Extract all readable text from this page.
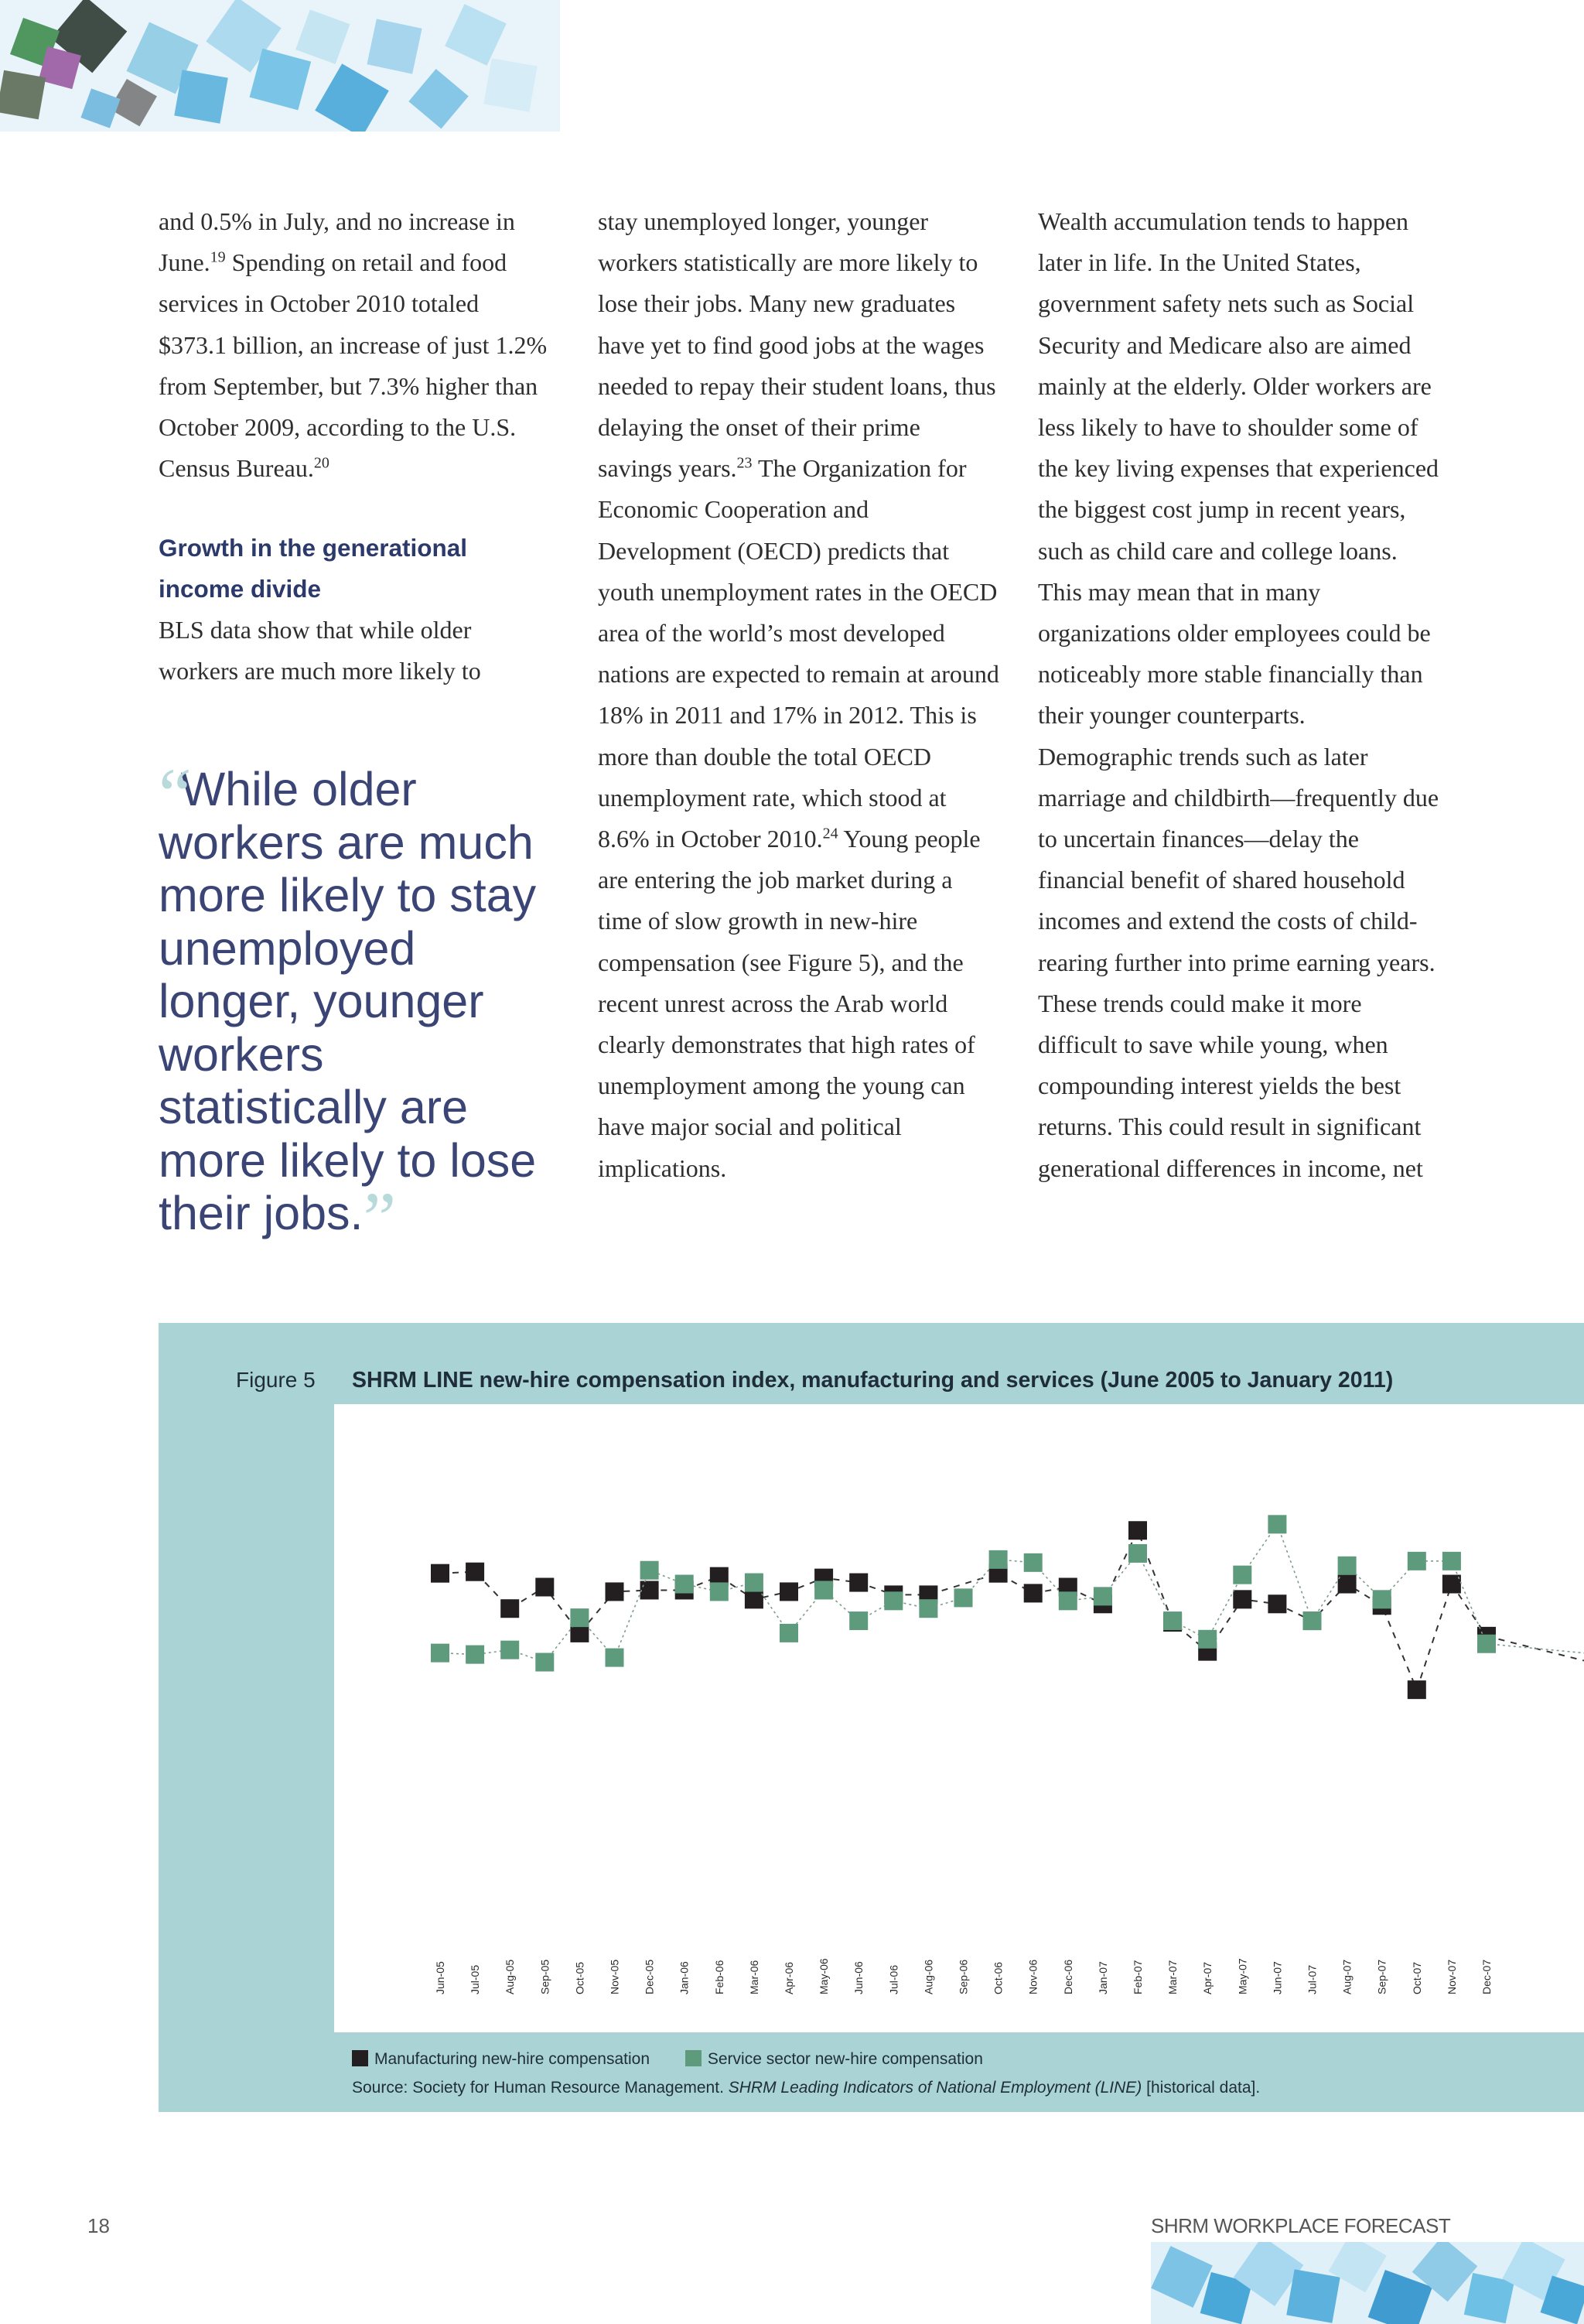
and 0.5% in July, and no increase in June.$^{19}$ Spending on retail and food services in October 2010 totaled $373.1 billion, an increase of just 1.2% from September, but 7.3% higher than October 2009, according to the U.S. Census Bureau.$^{20}$

Growth in the generational income divide
BLS data show that while older workers are much more likely to
“While older workers are much more likely to stay unemployed longer, younger workers statistically are more likely to lose their jobs.”

stay unemployed longer, younger workers statistically are more likely to lose their jobs. Many new graduates have yet to find good jobs at the wages needed to repay their student loans, thus delaying the onset of their prime savings years.$^{23}$ The Organization for Economic Cooperation and Development (OECD) predicts that youth unemployment rates in the OECD area of the world’s most developed nations are expected to remain at around 18% in 2011 and 17% in 2012. This is more than double the total OECD unemployment rate, which stood at 8.6% in October 2010.24 Young people are entering the job market during a time of slow growth in new-hire compensation (see Figure 5), and the recent unrest across the Arab world clearly demonstrates that high rates of unemployment among the young can have major social and political implications.

Wealth accumulation tends to happen later in life. In the United States, government safety nets such as Social Security and Medicare also are aimed mainly at the elderly. Older workers are less likely to have to shoulder some of the key living expenses that experienced the biggest cost jump in recent years, such as child care and college loans. This may mean that in many organizations older employees could be noticeably more stable financially than their younger counterparts. Demographic trends such as later marriage and childbirth—frequently due to uncertain finances—delay the financial benefit of shared household incomes and extend the costs of child-rearing further into prime earning years. These trends could make it more difficult to save while young, when compounding interest yields the best returns. This could result in significant generational differences in income, net

Figure 5 SHRM LINE new-hire compensation index, manufacturing and services (June 2005 to January 2011)
Jun-05 Jul-05 Aug-05 Sep-05 Oct-05 Nov-05 Dec-05 Jan-06 Feb-06 Mar-06 Apr-06 May-06 Jun-06 Jul-06 Aug-06 Sep-06 Oct-06 Nov-06 Dec-06 Jan-07 Feb-07 Mar-07 Apr-07 May-07 Jun-07 Jul-07 Aug-07 Sep-07 Oct-07 Nov-07 Dec-07
Manufacturing new-hire compensation	Service sector new-hire compensation
Source: Society for Human Resource Management. SHRM Leading Indicators of National Employment (LINE) [historical data].
18	SHRM WORKPLACE FORECAST
